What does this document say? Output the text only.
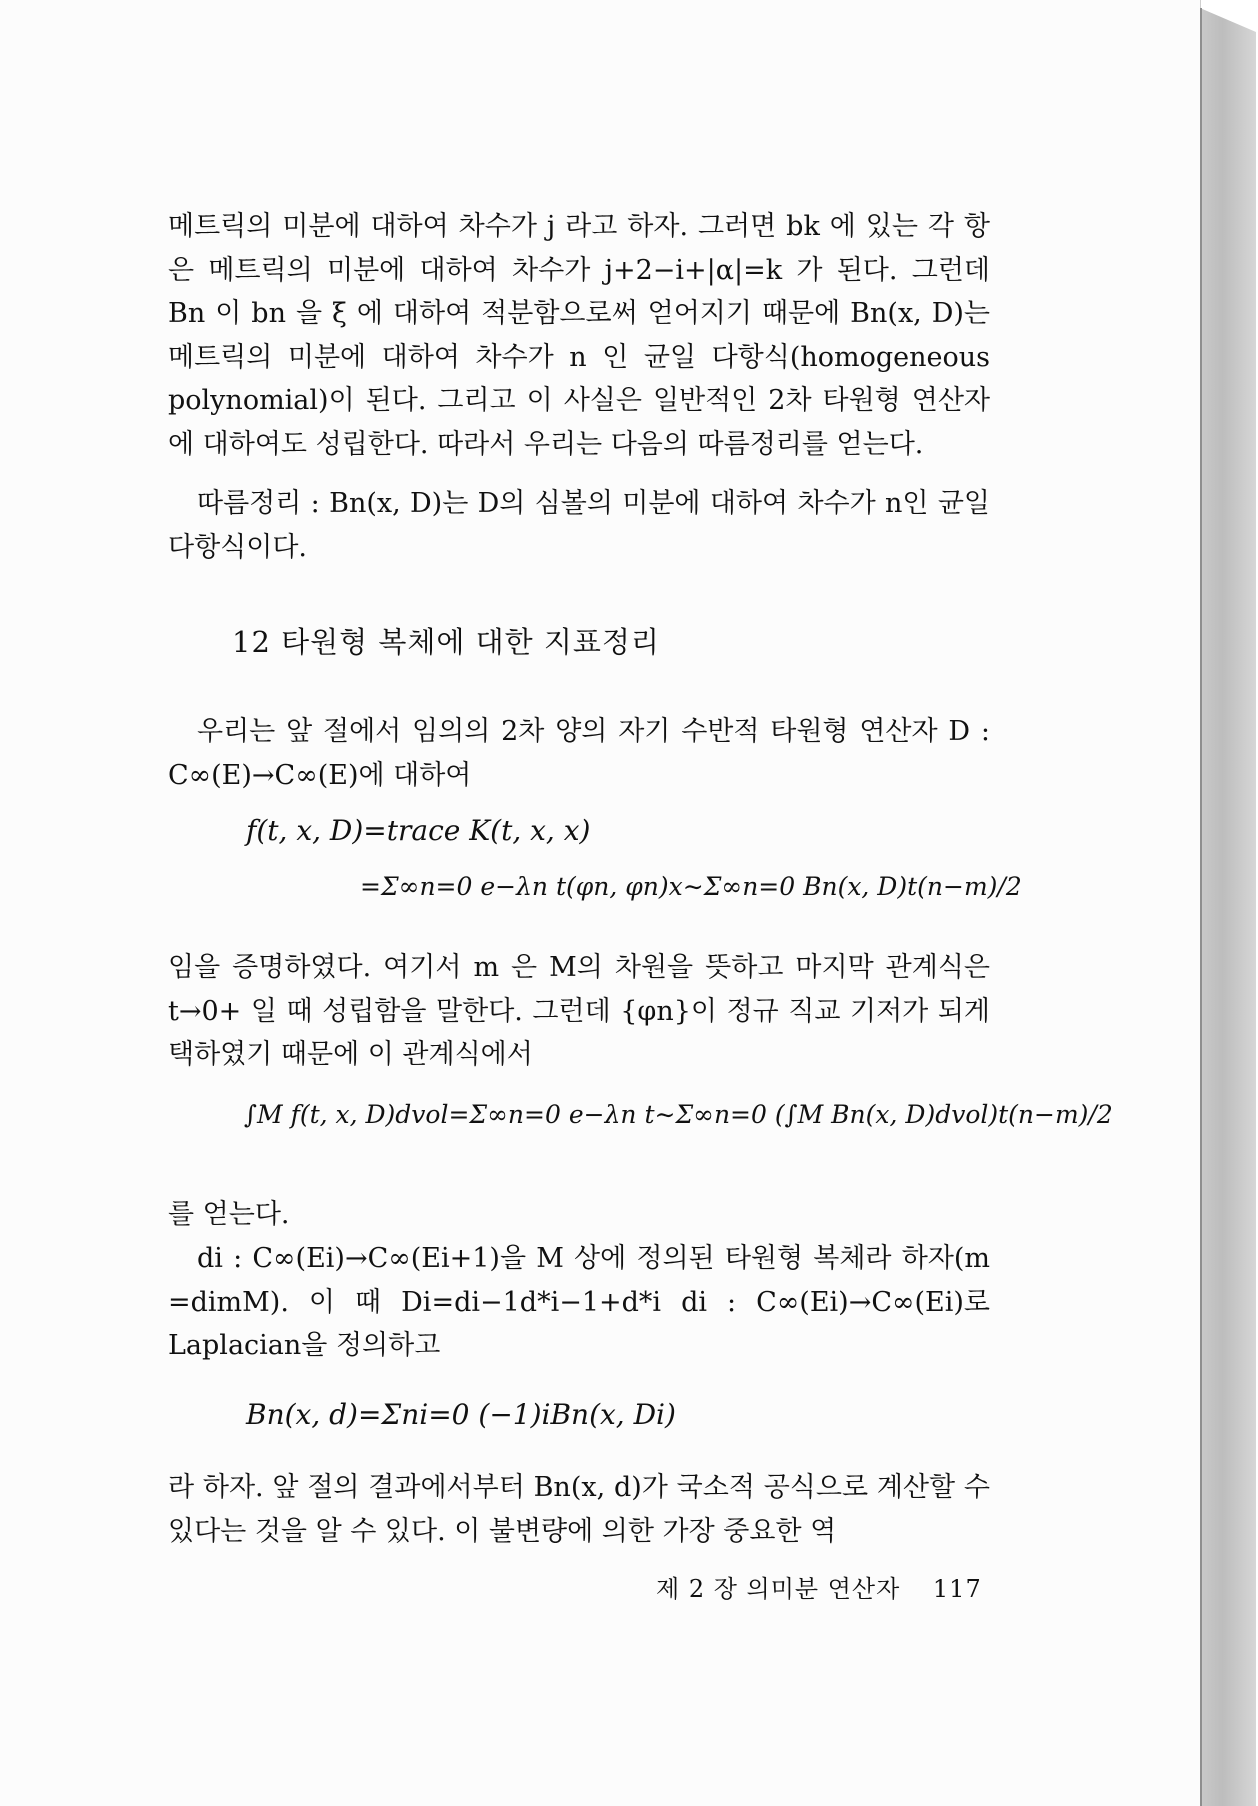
메트릭의 미분에 대하여 차수가 j 라고 하자. 그러면 bk 에 있는 각 항은 메트릭의 미분에 대하여 차수가 j+2−i+|α|=k 가 된다. 그런데 Bn 이 bn 을 ξ 에 대하여 적분함으로써 얻어지기 때문에 Bn(x, D)는 메트릭의 미분에 대하여 차수가 n 인 균일 다항식(homogeneous polynomial)이 된다. 그리고 이 사실은 일반적인 2차 타원형 연산자에 대하여도 성립한다. 따라서 우리는 다음의 따름정리를 얻는다.

따름정리 : Bn(x, D)는 D의 심볼의 미분에 대하여 차수가 n인 균일 다항식이다.

12 타원형 복체에 대한 지표정리

우리는 앞 절에서 임의의 2차 양의 자기 수반적 타원형 연산자 D : C∞(E)→C∞(E)에 대하여

f(t, x, D)=trace K(t, x, x)
=Σ∞n=0 e−λn t(φn, φn)x∼Σ∞n=0 Bn(x, D)t(n−m)/2

임을 증명하였다. 여기서 m 은 M의 차원을 뜻하고 마지막 관계식은 t→0+ 일 때 성립함을 말한다. 그런데 {φn}이 정규 직교 기저가 되게 택하였기 때문에 이 관계식에서

∫M f(t, x, D)dvol=Σ∞n=0 e−λn t∼Σ∞n=0 (∫M Bn(x, D)dvol)t(n−m)/2

를 얻는다.

di : C∞(Ei)→C∞(Ei+1)을 M 상에 정의된 타원형 복체라 하자(m =dimM). 이 때 Di=di−1d*i−1+d*i di : C∞(Ei)→C∞(Ei)로 Laplacian을 정의하고

Bn(x, d)=Σni=0 (−1)iBn(x, Di)

라 하자. 앞 절의 결과에서부터 Bn(x, d)가 국소적 공식으로 계산할 수 있다는 것을 알 수 있다. 이 불변량에 의한 가장 중요한 역

제 2 장 의미분 연산자 117
